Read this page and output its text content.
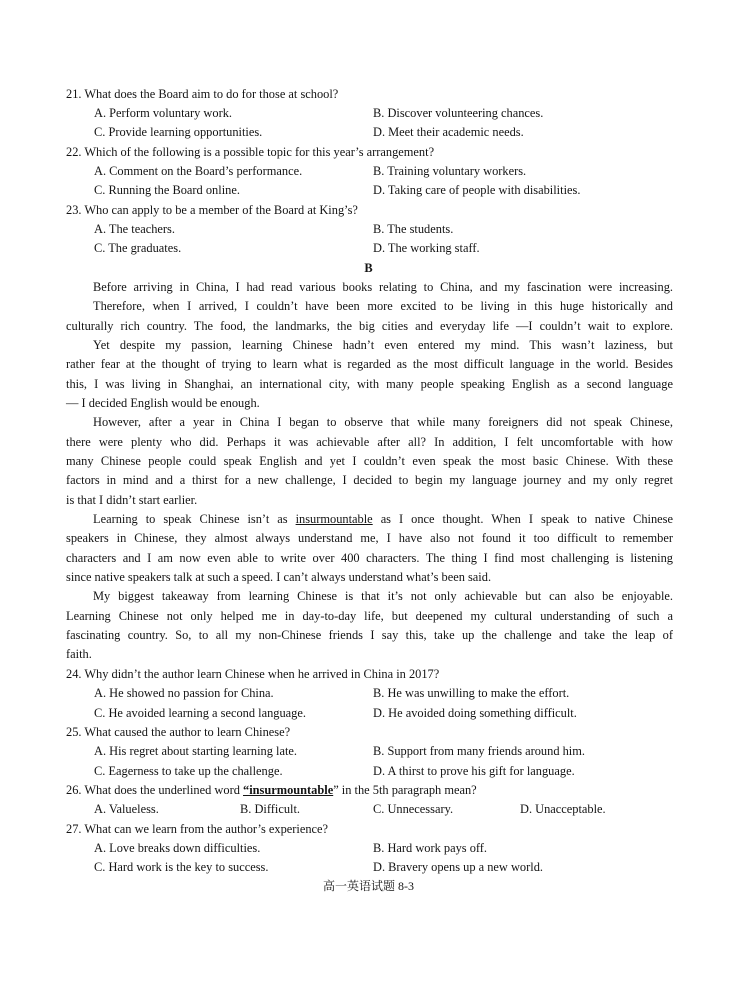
21. What does the Board aim to do for those at school?
A. Perform voluntary work.	B. Discover volunteering chances.
C. Provide learning opportunities.	D. Meet their academic needs.
22. Which of the following is a possible topic for this year’s arrangement?
A. Comment on the Board’s performance.	B. Training voluntary workers.
C. Running the Board online.	D. Taking care of people with disabilities.
23. Who can apply to be a member of the Board at King’s?
A. The teachers.	B. The students.
C. The graduates.	D. The working staff.
B
Before arriving in China, I had read various books relating to China, and my fascination were increasing.
Therefore, when I arrived, I couldn’t have been more excited to be living in this huge historically and
culturally rich country. The food, the landmarks, the big cities and everyday life —I couldn’t wait to explore.
Yet despite my passion, learning Chinese hadn’t even entered my mind. This wasn’t laziness, but
rather fear at the thought of trying to learn what is regarded as the most difficult language in the world. Besides
this, I was living in Shanghai, an international city, with many people speaking English as a second language
— I decided English would be enough.
However, after a year in China I began to observe that while many foreigners did not speak Chinese,
there were plenty who did. Perhaps it was achievable after all? In addition, I felt uncomfortable with how
many Chinese people could speak English and yet I couldn’t even speak the most basic Chinese. With these
factors in mind and a thirst for a new challenge, I decided to begin my language journey and my only regret
is that I didn’t start earlier.
Learning to speak Chinese isn’t as insurmountable as I once thought. When I speak to native Chinese
speakers in Chinese, they almost always understand me, I have also not found it too difficult to remember
characters and I am now even able to write over 400 characters. The thing I find most challenging is listening
since native speakers talk at such a speed. I can’t always understand what’s been said.
My biggest takeaway from learning Chinese is that it’s not only achievable but can also be enjoyable.
Learning Chinese not only helped me in day-to-day life, but deepened my cultural understanding of such a
fascinating country. So, to all my non-Chinese friends I say this, take up the challenge and take the leap of
faith.
24. Why didn’t the author learn Chinese when he arrived in China in 2017?
A. He showed no passion for China.	B. He was unwilling to make the effort.
C. He avoided learning a second language.	D. He avoided doing something difficult.
25. What caused the author to learn Chinese?
A. His regret about starting learning late.	B. Support from many friends around him.
C. Eagerness to take up the challenge.	D. A thirst to prove his gift for language.
26. What does the underlined word “insurmountable” in the 5th paragraph mean?
A. Valueless.	B. Difficult.	C. Unnecessary.	D. Unacceptable.
27. What can we learn from the author’s experience?
A. Love breaks down difficulties.	B. Hard work pays off.
C. Hard work is the key to success.	D. Bravery opens up a new world.
高一英语试题 8-3
